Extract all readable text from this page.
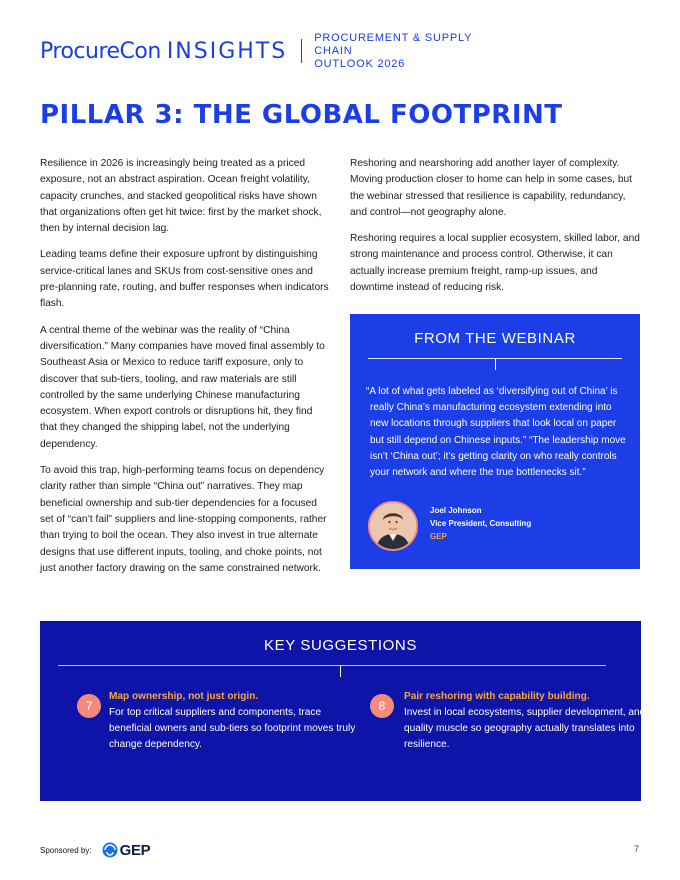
ProcureCon INSIGHTS
PROCUREMENT & SUPPLY CHAIN
OUTLOOK 2026
PILLAR 3: THE GLOBAL FOOTPRINT

Resilience in 2026 is increasingly being treated as a priced exposure, not an abstract aspiration. Ocean freight volatility, capacity crunches, and stacked geopolitical risks have shown that organizations often get hit twice: first by the market shock, then by internal decision lag.

Leading teams define their exposure upfront by distinguishing service-critical lanes and SKUs from cost-sensitive ones and pre-planning rate, routing, and buffer responses when indicators flash.

A central theme of the webinar was the reality of “China diversification.” Many companies have moved final assembly to Southeast Asia or Mexico to reduce tariff exposure, only to discover that sub-tiers, tooling, and raw materials are still controlled by the same underlying Chinese manufacturing ecosystem. When export controls or disruptions hit, they find that they changed the shipping label, not the underlying dependency.

To avoid this trap, high-performing teams focus on dependency clarity rather than simple “China out” narratives. They map beneficial ownership and sub-tier dependencies for a focused set of “can’t fail” suppliers and line-stopping components, rather than trying to boil the ocean. They also invest in true alternate designs that use different inputs, tooling, and choke points, not just another factory drawing on the same constrained network.

Reshoring and nearshoring add another layer of complexity. Moving production closer to home can help in some cases, but the webinar stressed that resilience is capability, redundancy, and control—not geography alone.

Reshoring requires a local supplier ecosystem, skilled labor, and strong maintenance and process control. Otherwise, it can actually increase premium freight, ramp-up issues, and downtime instead of reducing risk.

FROM THE WEBINAR
“A lot of what gets labeled as ‘diversifying out of China’ is really China’s manufacturing ecosystem extending into new locations through suppliers that look local on paper but still depend on Chinese inputs.” “The leadership move isn’t ‘China out’; it’s getting clarity on who really controls your network and where the true bottlenecks sit.”
Joel Johnson
Vice President, Consulting
GEP
KEY SUGGESTIONS
7
Map ownership, not just origin.
For top critical suppliers and components, trace beneficial owners and sub-tiers so footprint moves truly change dependency.
8
Pair reshoring with capability building.
Invest in local ecosystems, supplier development, and quality muscle so geography actually translates into resilience.
Sponsored by: GEP	7
